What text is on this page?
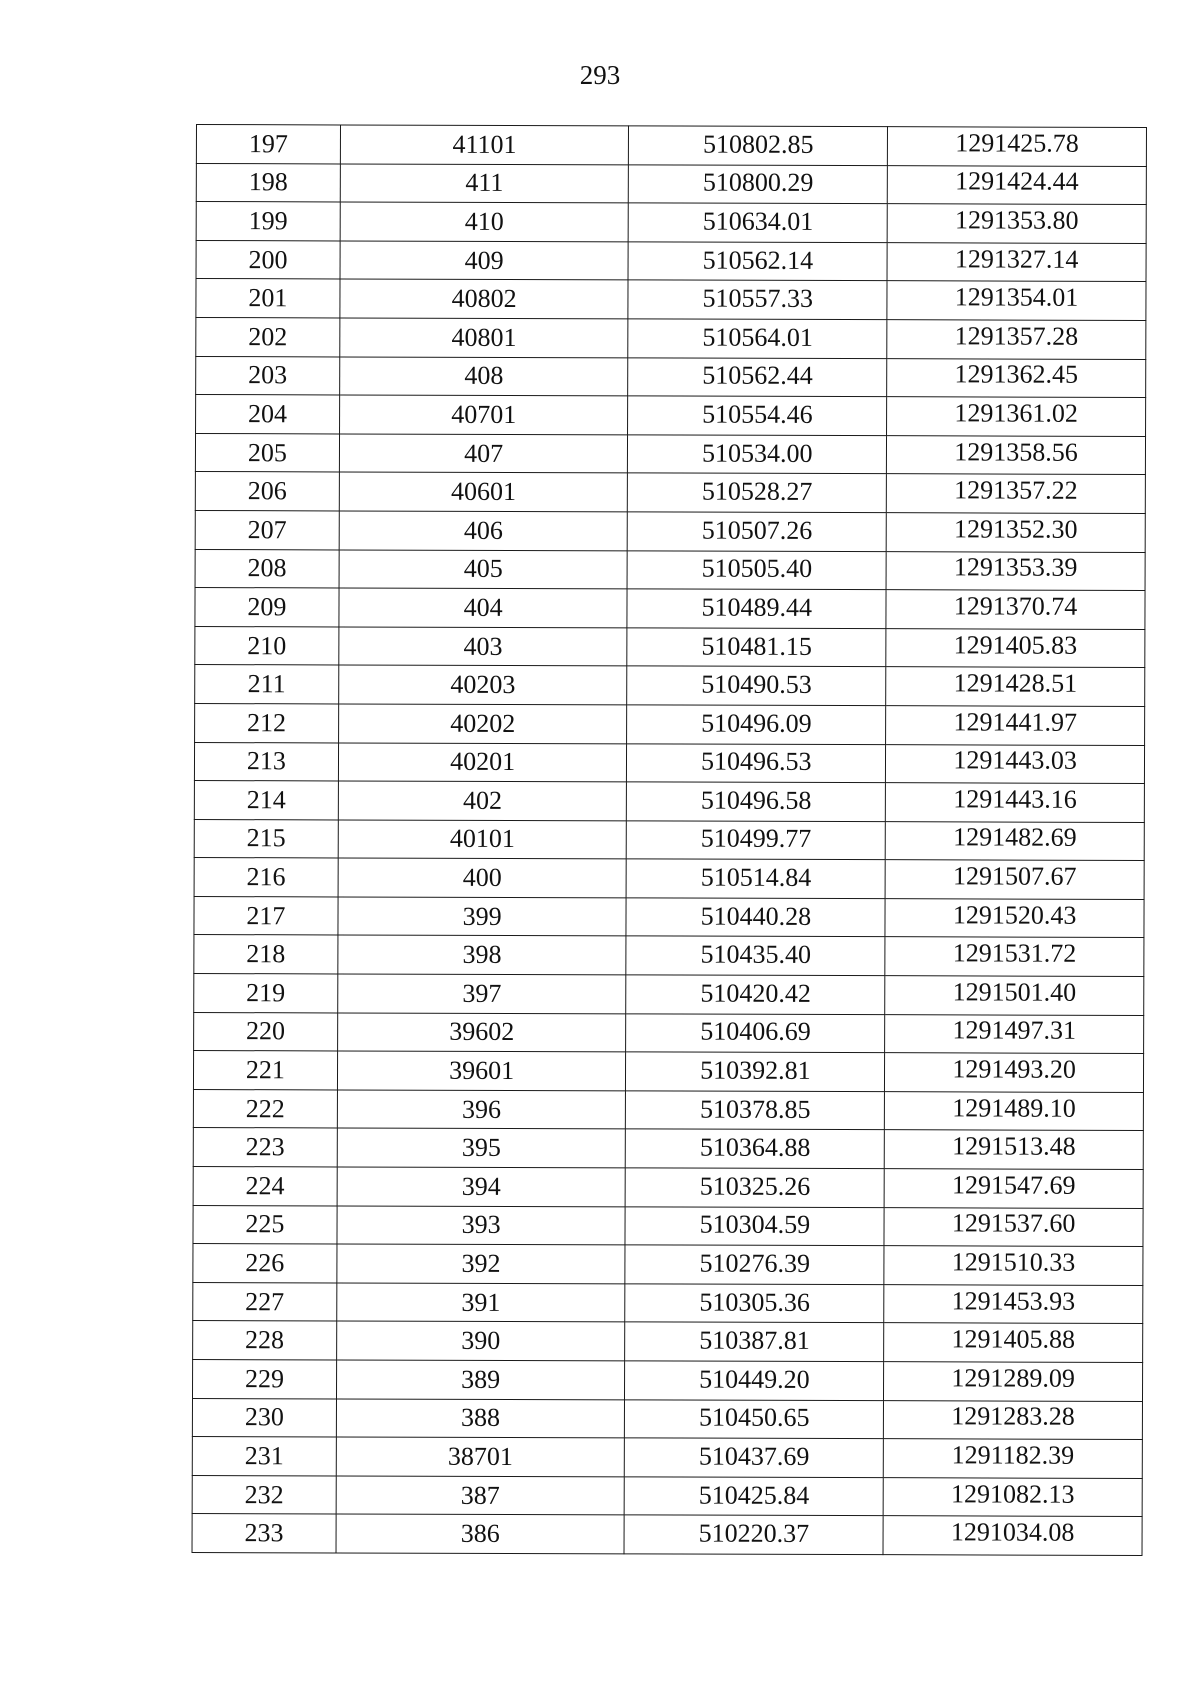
293
197	41101	510802.85	1291425.78
198	411	510800.29	1291424.44
199	410	510634.01	1291353.80
200	409	510562.14	1291327.14
201	40802	510557.33	1291354.01
202	40801	510564.01	1291357.28
203	408	510562.44	1291362.45
204	40701	510554.46	1291361.02
205	407	510534.00	1291358.56
206	40601	510528.27	1291357.22
207	406	510507.26	1291352.30
208	405	510505.40	1291353.39
209	404	510489.44	1291370.74
210	403	510481.15	1291405.83
211	40203	510490.53	1291428.51
212	40202	510496.09	1291441.97
213	40201	510496.53	1291443.03
214	402	510496.58	1291443.16
215	40101	510499.77	1291482.69
216	400	510514.84	1291507.67
217	399	510440.28	1291520.43
218	398	510435.40	1291531.72
219	397	510420.42	1291501.40
220	39602	510406.69	1291497.31
221	39601	510392.81	1291493.20
222	396	510378.85	1291489.10
223	395	510364.88	1291513.48
224	394	510325.26	1291547.69
225	393	510304.59	1291537.60
226	392	510276.39	1291510.33
227	391	510305.36	1291453.93
228	390	510387.81	1291405.88
229	389	510449.20	1291289.09
230	388	510450.65	1291283.28
231	38701	510437.69	1291182.39
232	387	510425.84	1291082.13
233	386	510220.37	1291034.08
